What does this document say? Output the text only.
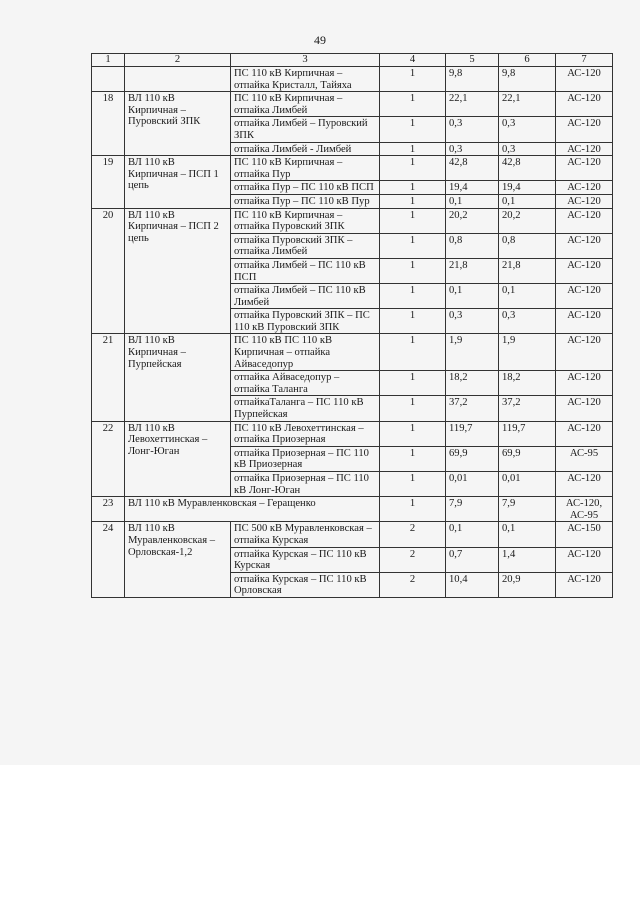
49
1	2	3	4	5	6	7
		ПС 110 кВ Кирпичная – отпайка Кристалл, Тайяха	1	9,8	9,8	АС-120
18	ВЛ 110 кВ Кирпичная – Пуровский ЗПК	ПС 110 кВ Кирпичная – отпайка Лимбей	1	22,1	22,1	АС-120
		отпайка Лимбей – Пуровский ЗПК	1	0,3	0,3	АС-120
		отпайка Лимбей - Лимбей	1	0,3	0,3	АС-120
19	ВЛ 110 кВ Кирпичная – ПСП 1 цепь	ПС 110 кВ Кирпичная – отпайка Пур	1	42,8	42,8	АС-120
		отпайка Пур – ПС 110 кВ ПСП	1	19,4	19,4	АС-120
		отпайка Пур – ПС 110 кВ Пур	1	0,1	0,1	АС-120
20	ВЛ 110 кВ Кирпичная – ПСП 2 цепь	ПС 110 кВ Кирпичная – отпайка Пуровский ЗПК	1	20,2	20,2	АС-120
		отпайка Пуровский ЗПК – отпайка Лимбей	1	0,8	0,8	АС-120
		отпайка Лимбей – ПС 110 кВ ПСП	1	21,8	21,8	АС-120
		отпайка Лимбей – ПС 110 кВ Лимбей	1	0,1	0,1	АС-120
		отпайка Пуровский ЗПК – ПС 110 кВ Пуровский ЗПК	1	0,3	0,3	АС-120
21	ВЛ 110 кВ Кирпичная – Пурпейская	ПС 110 кВ ПС 110 кВ Кирпичная – отпайка Айваседопур	1	1,9	1,9	АС-120
		отпайка Айваседопур – отпайка Таланга	1	18,2	18,2	АС-120
		отпайкаТаланга – ПС 110 кВ Пурпейская	1	37,2	37,2	АС-120
22	ВЛ 110 кВ Левохеттинская – Лонг-Юган	ПС 110 кВ Левохеттинская – отпайка Приозерная	1	119,7	119,7	АС-120
		отпайка Приозерная – ПС 110 кВ Приозерная	1	69,9	69,9	АС-95
		отпайка Приозерная – ПС 110 кВ Лонг-Юган	1	0,01	0,01	АС-120
23	ВЛ 110 кВ Муравленковская – Геращенко		1	7,9	7,9	АС-120, АС-95
24	ВЛ 110 кВ Муравленковская – Орловская-1,2	ПС 500 кВ Муравленковская – отпайка Курская	2	0,1	0,1	АС-150
		отпайка Курская – ПС 110 кВ Курская	2	0,7	1,4	АС-120
		отпайка Курская – ПС 110 кВ Орловская	2	10,4	20,9	АС-120
